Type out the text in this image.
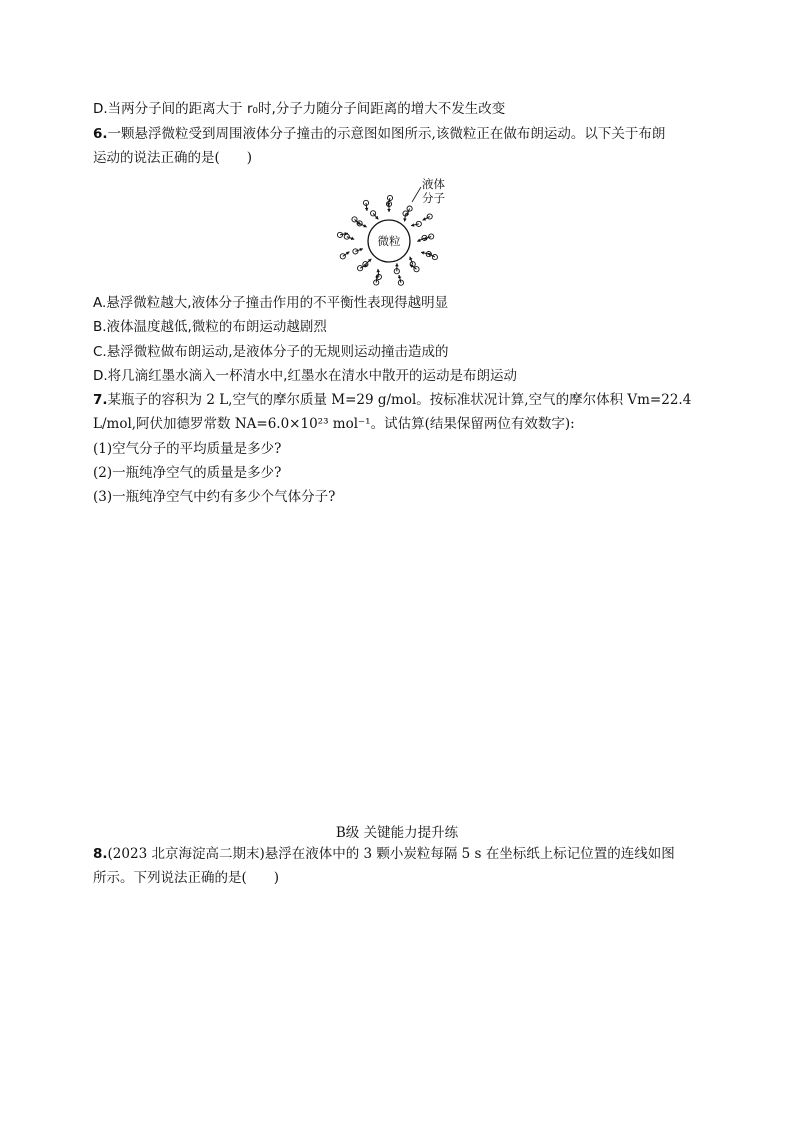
D.当两分子间的距离大于 r₀时,分子力随分子间距离的增大不发生改变
6.一颗悬浮微粒受到周围液体分子撞击的示意图如图所示,该微粒正在做布朗运动。以下关于布朗
运动的说法正确的是(　　)
微粒
液体
分子
A.悬浮微粒越大,液体分子撞击作用的不平衡性表现得越明显
B.液体温度越低,微粒的布朗运动越剧烈
C.悬浮微粒做布朗运动,是液体分子的无规则运动撞击造成的
D.将几滴红墨水滴入一杯清水中,红墨水在清水中散开的运动是布朗运动
7.某瓶子的容积为 2 L,空气的摩尔质量 M=29 g/mol。按标准状况计算,空气的摩尔体积 Vm=22.4
L/mol,阿伏加德罗常数 NA=6.0×10²³ mol⁻¹。试估算(结果保留两位有效数字):
(1)空气分子的平均质量是多少?
(2)一瓶纯净空气的质量是多少?
(3)一瓶纯净空气中约有多少个气体分子?
B级 关键能力提升练
8.(2023 北京海淀高二期末)悬浮在液体中的 3 颗小炭粒每隔 5 s 在坐标纸上标记位置的连线如图
所示。下列说法正确的是(　　)
